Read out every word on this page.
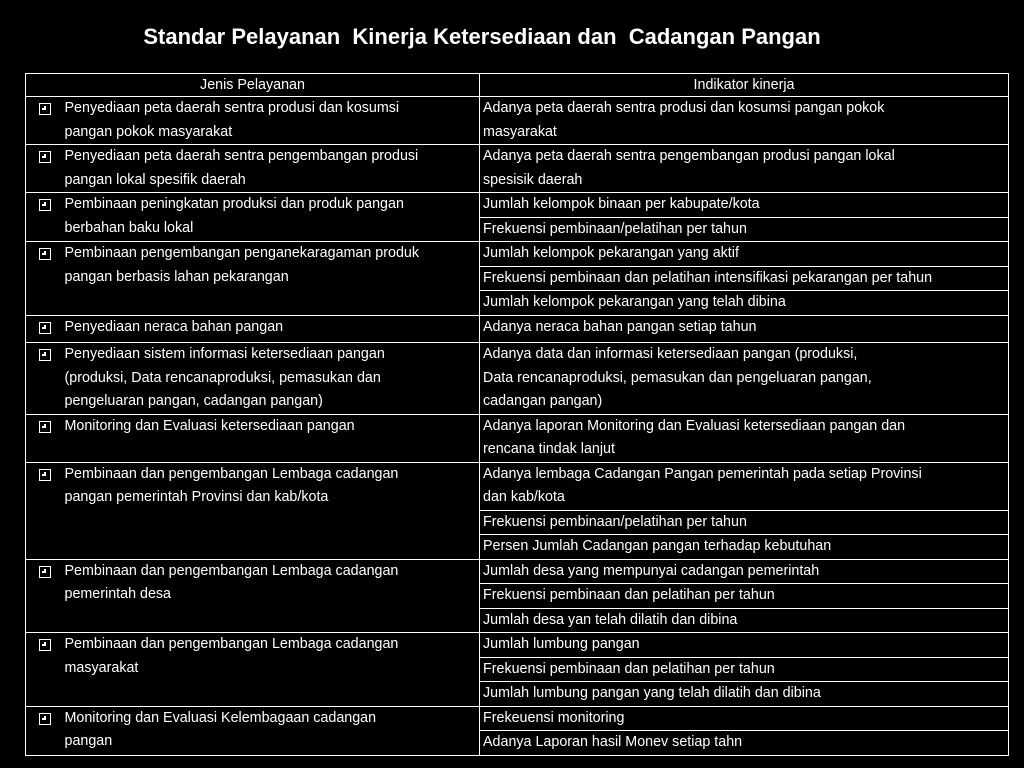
Standar Pelayanan  Kinerja Ketersediaan dan  Cadangan Pangan
Jenis Pelayanan		Indikator kinerja
	Penyediaan peta daerah sentra produsi dan kosumsi
pangan pokok masyarakat	Adanya peta daerah sentra produsi dan kosumsi pangan pokok
masyarakat
	Penyediaan peta daerah sentra pengembangan produsi
pangan lokal spesifik daerah	Adanya peta daerah sentra pengembangan produsi pangan lokal
spesisik daerah
	Pembinaan peningkatan produksi dan produk pangan
berbahan baku lokal	Jumlah kelompok binaan per kabupate/kota
		Frekuensi pembinaan/pelatihan per tahun
	Pembinaan pengembangan penganekaragaman produk
pangan berbasis lahan pekarangan	Jumlah kelompok pekarangan yang aktif
		Frekuensi pembinaan dan pelatihan intensifikasi pekarangan per tahun
		Jumlah kelompok pekarangan yang telah dibina
	Penyediaan neraca bahan pangan	Adanya neraca bahan pangan setiap tahun
	Penyediaan sistem informasi ketersediaan pangan
(produksi, Data rencanaproduksi, pemasukan dan
pengeluaran pangan, cadangan pangan)	Adanya data dan informasi ketersediaan pangan (produksi,
Data rencanaproduksi, pemasukan dan pengeluaran pangan,
cadangan pangan)
	Monitoring dan Evaluasi ketersediaan pangan	Adanya laporan Monitoring dan Evaluasi ketersediaan pangan dan
rencana tindak lanjut
	Pembinaan dan pengembangan Lembaga cadangan
pangan pemerintah Provinsi dan kab/kota	Adanya lembaga Cadangan Pangan pemerintah pada setiap Provinsi
dan kab/kota
		Frekuensi pembinaan/pelatihan per tahun
		Persen Jumlah Cadangan pangan terhadap kebutuhan
	Pembinaan dan pengembangan Lembaga cadangan
pemerintah desa	Jumlah desa yang mempunyai cadangan pemerintah
		Frekuensi pembinaan dan pelatihan per tahun
		Jumlah desa yan telah dilatih dan dibina
	Pembinaan dan pengembangan Lembaga cadangan
masyarakat	Jumlah lumbung pangan
		Frekuensi pembinaan dan pelatihan per tahun
		Jumlah lumbung pangan yang telah dilatih dan dibina
	Monitoring dan Evaluasi Kelembagaan cadangan
pangan	Frekeuensi monitoring
		Adanya Laporan hasil Monev setiap tahn
